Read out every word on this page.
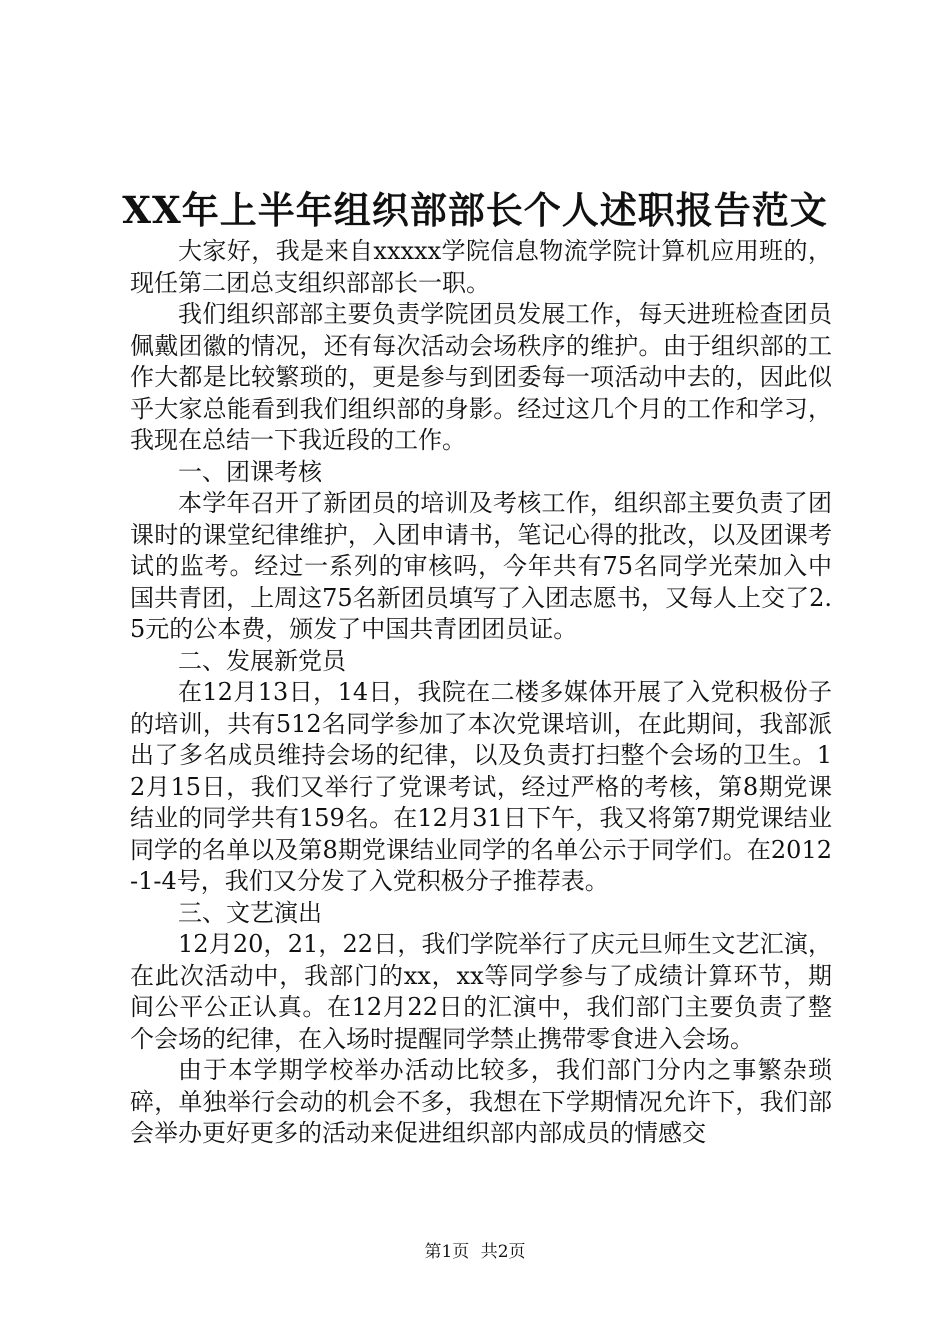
XX年上半年组织部部长个人述职报告范文

大家好，我是来自xxxxx学院信息物流学院计算机应用班的，现任第二团总支组织部部长一职。

我们组织部部主要负责学院团员发展工作，每天进班检查团员佩戴团徽的情况，还有每次活动会场秩序的维护。由于组织部的工作大都是比较繁琐的，更是参与到团委每一项活动中去的，因此似乎大家总能看到我们组织部的身影。经过这几个月的工作和学习，我现在总结一下我近段的工作。

一、团课考核

本学年召开了新团员的培训及考核工作，组织部主要负责了团课时的课堂纪律维护，入团申请书，笔记心得的批改，以及团课考试的监考。经过一系列的审核吗，今年共有75名同学光荣加入中国共青团，上周这75名新团员填写了入团志愿书，又每人上交了2.5元的公本费，颁发了中国共青团团员证。

二、发展新党员

在12月13日，14日，我院在二楼多媒体开展了入党积极份子的培训，共有512名同学参加了本次党课培训，在此期间，我部派出了多名成员维持会场的纪律，以及负责打扫整个会场的卫生。12月15日，我们又举行了党课考试，经过严格的考核，第8期党课结业的同学共有159名。在12月31日下午，我又将第7期党课结业同学的名单以及第8期党课结业同学的名单公示于同学们。在2012-1-4号，我们又分发了入党积极分子推荐表。

三、文艺演出

12月20，21，22日，我们学院举行了庆元旦师生文艺汇演，在此次活动中，我部门的xx，xx等同学参与了成绩计算环节，期间公平公正认真。在12月22日的汇演中，我们部门主要负责了整个会场的纪律，在入场时提醒同学禁止携带零食进入会场。

由于本学期学校举办活动比较多，我们部门分内之事繁杂琐碎，单独举行会动的机会不多，我想在下学期情况允许下，我们部会举办更好更多的活动来促进组织部内部成员的情感交

第1页 共2页
